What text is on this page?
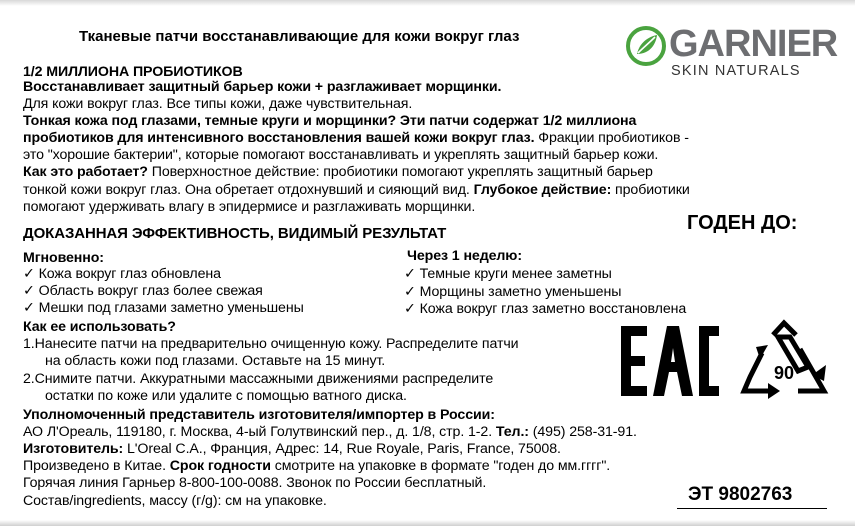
Тканевые патчи восстанавливающие для кожи вокруг глаз	GARNIER
SKIN NATURALS
1/2 МИЛЛИОНА ПРОБИОТИКОВ
Восстанавливает защитный барьер кожи + разглаживает морщинки.
Для кожи вокруг глаз. Все типы кожи, даже чувствительная.
Тонкая кожа под глазами, темные круги и морщинки? Эти патчи содержат 1/2 миллиона
пробиотиков для интенсивного восстановления вашей кожи вокруг глаз. Фракции пробиотиков -
это "хорошие бактерии", которые помогают восстанавливать и укреплять защитный барьер кожи.
Как это работает? Поверхностное действие: пробиотики помогают укреплять защитный барьер
тонкой кожи вокруг глаз. Она обретает отдохнувший и сияющий вид. Глубокое действие: пробиотики
помогают удерживать влагу в эпидермисе и разглаживать морщинки.
ГОДЕН ДО:
ДОКАЗАННАЯ ЭФФЕКТИВНОСТЬ, ВИДИМЫЙ РЕЗУЛЬТАТ
Мгновенно:
✓ Кожа вокруг глаз обновлена
✓ Область вокруг глаз более свежая
✓ Мешки под глазами заметно уменьшены
Через 1 неделю:
✓ Темные круги менее заметны
✓ Морщины заметно уменьшены
✓ Кожа вокруг глаз заметно восстановлена
Как ее использовать?
1.Нанесите патчи на предварительно очищенную кожу. Распределите патчи
на область кожи под глазами. Оставьте на 15 минут.
2.Снимите патчи. Аккуратными массажными движениями распределите
остатки по коже или удалите с помощью ватного диска.
Уполномоченный представитель изготовителя/импортер в России:
АО Л'Ореаль, 119180, г. Москва, 4-ый Голутвинский пер., д. 1/8, стр. 1-2. Тел.: (495) 258-31-91.
Изготовитель: L'Oreal С.А., Франция, Адрес: 14, Rue Royale, Paris, France, 75008.
Произведено в Китае. Срок годности смотрите на упаковке в формате "годен до мм.гггг".
Горячая линия Гарньер 8-800-100-0088. Звонок по России бесплатный.
Состав/ingredients, массу (г/g): см на упаковке.
90
ЭТ 9802763
